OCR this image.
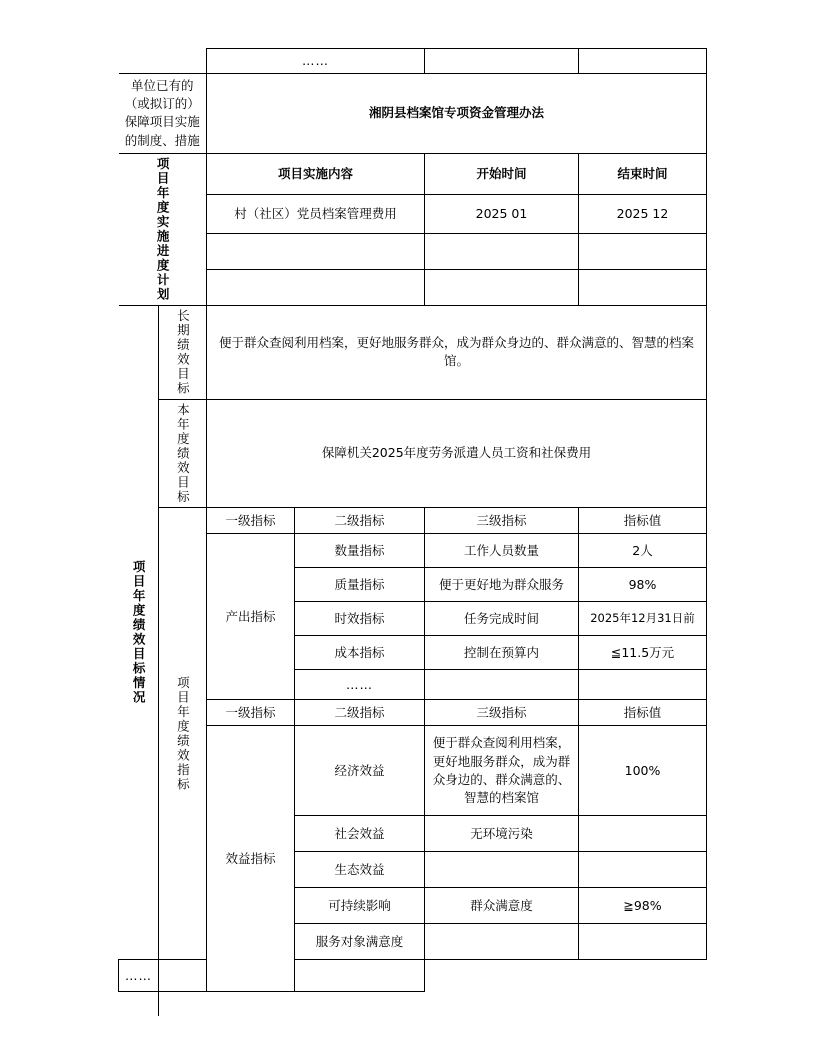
		……			
单位已有的（或拟订的）保障项目实施的制度、措施		湘阴县档案馆专项资金管理办法			

项目年度实施进度计划		项目实施内容		开始时间	结束时间
		村（社区）党员档案管理费用		2025 01	2025 12

项目年度绩效目标情况	长期绩效目标	便于群众查阅利用档案，更好地服务群众，成为群众身边的、群众满意的、智慧的档案馆。			

	本年度绩效目标	保障机关2025年度劳务派遣人员工资和社保费用			

	项目年度绩效指标	一级指标	二级指标	三级指标	指标值
		产出指标	数量指标	工作人员数量	2人
			质量指标	便于更好地为群众服务	98%
			时效指标	任务完成时间	2025年12月31日前
			成本指标	控制在预算内	≦11.5万元
			……		
		一级指标	二级指标	三级指标	指标值
		效益指标	经济效益	便于群众查阅利用档案，更好地服务群众，成为群众身边的、群众满意的、智慧的档案馆	100%
			社会效益	无环境污染	
			生态效益		
			可持续影响	群众满意度	≧98%
			服务对象满意度		
……					
